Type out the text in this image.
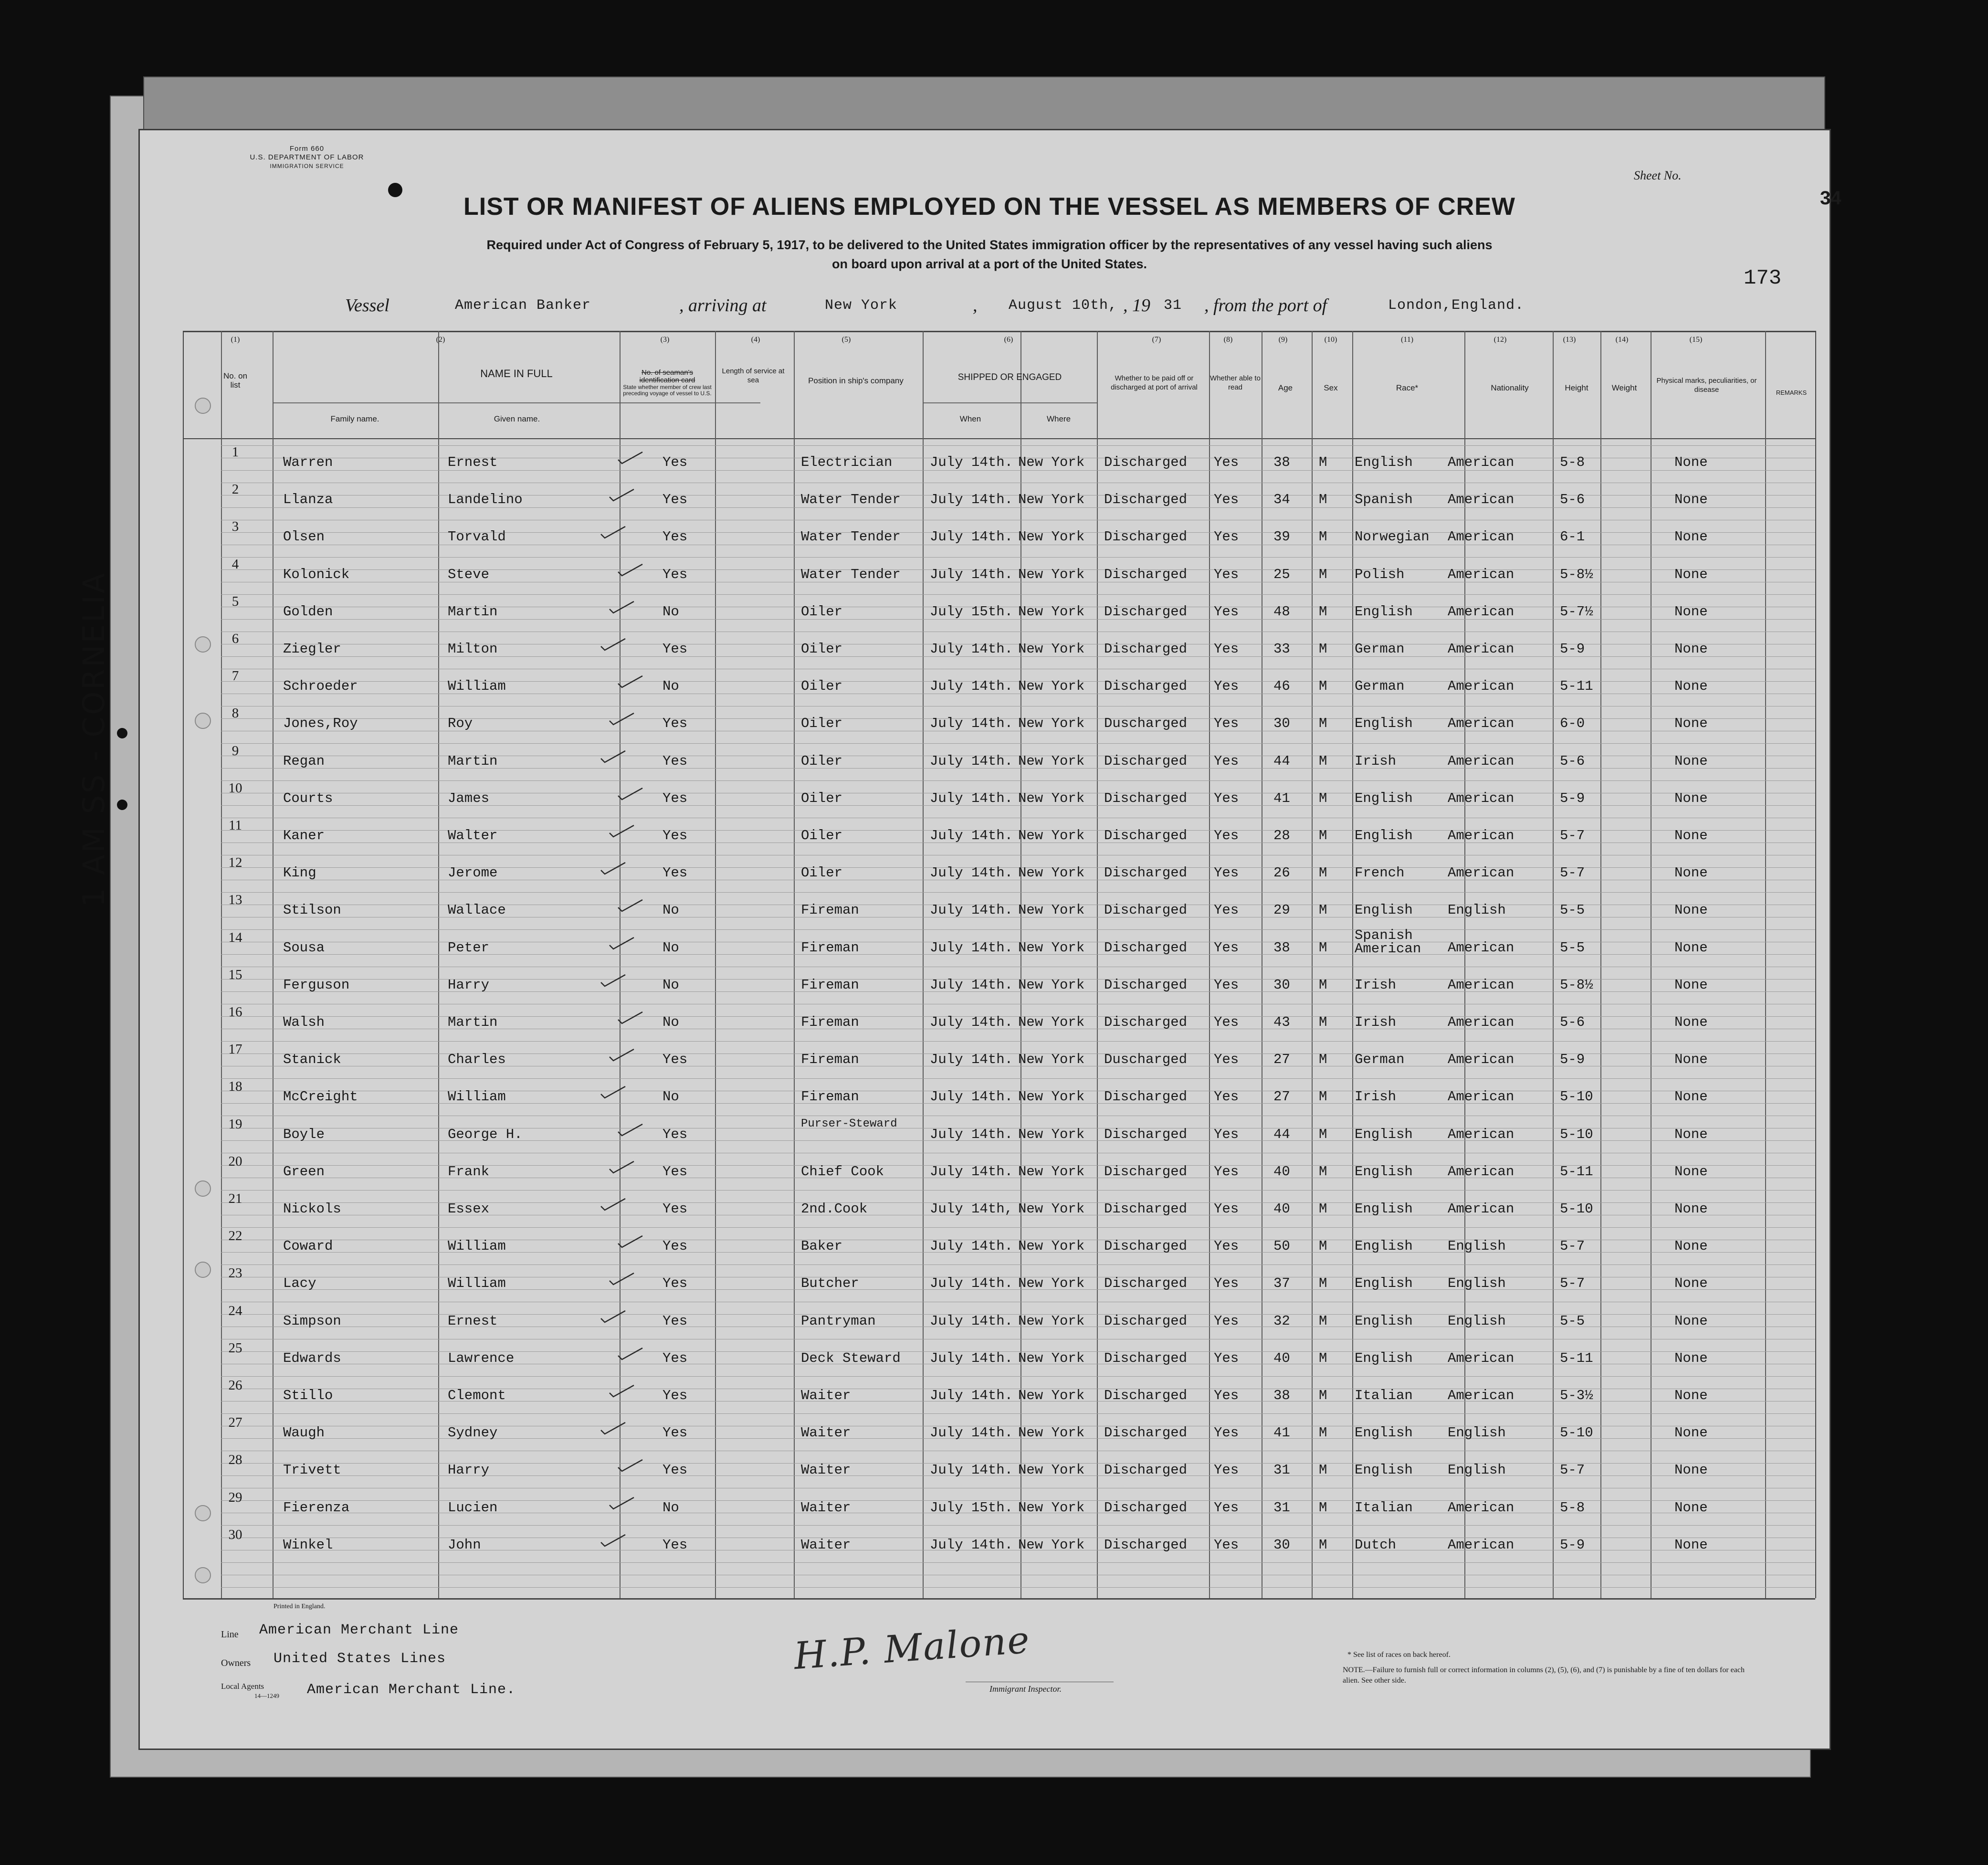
1 AM SS - CORNELIA
Form 660
U.S. DEPARTMENT OF LABOR
IMMIGRATION SERVICE
Sheet No.
34
LIST OR MANIFEST OF ALIENS EMPLOYED ON THE VESSEL AS MEMBERS OF CREW
Required under Act of Congress of February 5, 1917, to be delivered to the United States immigration officer by the representatives of any vessel having such aliens
on board upon arrival at a port of the United States.
173
Vessel	American Banker	, arriving at	New York	, August 10th, , 19 31 , from the port of	London,England.
(1)	(2)	(3)	(4)	(5)	(6)	(7)	(8)	(9)	(10)	(11)	(12)	(13)	(14)	(15)
No. on list
NAME IN FULL
Family name.	Given name.
No. of seaman's identification card
State whether member of crew last preceding voyage of vessel to U.S.
Length of service at sea	Position in ship's company	SHIPPED OR ENGAGED
When	Where
Whether to be paid off or discharged at port of arrival
Whether able to read	Age	Sex	Race*	Nationality	Height	Weight
Physical marks, peculiarities, or disease	REMARKS
1
Warren	Ernest	Yes	Electrician	July 14th. New York Discharged Yes	38 M English	American	5-8	None
2
Llanza	Landelino	Yes	Water Tender July 14th. New York Discharged Yes	34 M Spanish	American	5-6	None
3
Olsen	Torvald	Yes	Water Tender July 14th. New York Discharged Yes	39 M Norwegian American	6-1	None
4
Kolonick	Steve	Yes	Water Tender July 14th. New York Discharged Yes	25 M Polish	American	5-8½	None
5
Golden	Martin	No	Oiler	July 15th. New York Discharged Yes	48 M English	American	5-7½	None
6
Ziegler	Milton	Yes	Oiler	July 14th. New York Discharged Yes	33 M German	American	5-9	None
7
Schroeder	William	No	Oiler	July 14th. New York Discharged Yes	46 M German	American	5-11	None
8
Jones,Roy	Roy	Yes	Oiler	July 14th. New York Duscharged Yes	30 M English	American	6-0	None
9
Regan	Martin	Yes	Oiler	July 14th. New York Discharged Yes	44 M Irish	American	5-6	None
10
Courts	James	Yes	Oiler	July 14th. New York Discharged Yes	41 M English	American	5-9	None
11
Kaner	Walter	Yes	Oiler	July 14th. New York Discharged Yes	28 M English	American	5-7	None
12
King	Jerome	Yes	Oiler	July 14th. New York Discharged Yes	26 M French	American	5-7	None
13
Stilson	Wallace	No	Fireman	July 14th. New York Discharged Yes	29 M English	English	5-5	None
14
Sousa	Peter	No	Fireman	July 14th. New York Discharged Yes	38 M
Spanish American	American	5-5	None
15
Ferguson	Harry	No	Fireman	July 14th. New York Discharged Yes	30 M Irish	American	5-8½	None
16
Walsh	Martin	No	Fireman	July 14th. New York Discharged Yes	43 M Irish	American	5-6	None
17
Stanick	Charles	Yes	Fireman	July 14th. New York Duscharged Yes	27 M German	American	5-9	None
18
McCreight	William	No	Fireman	July 14th. New York Discharged Yes	27 M Irish	American	5-10	None
19
Boyle	George H.	Yes
Purser-Steward
July 14th. New York Discharged Yes	44 M English	American	5-10	None
20
Green	Frank	Yes	Chief Cook	July 14th. New York Discharged Yes	40 M English	American	5-11	None
21
Nickols	Essex	Yes	2nd.Cook	July 14th, New York Discharged Yes	40 M English	American	5-10	None
22
Coward	William	Yes	Baker	July 14th. New York Discharged Yes	50 M English	English	5-7	None
23
Lacy	William	Yes	Butcher	July 14th. New York Discharged Yes	37 M English	English	5-7	None
24
Simpson	Ernest	Yes	Pantryman	July 14th. New York Discharged Yes	32 M English	English	5-5	None
25
Edwards	Lawrence	Yes	Deck Steward July 14th. New York Discharged Yes	40 M English	American	5-11	None
26
Stillo	Clemont	Yes	Waiter	July 14th. New York Discharged Yes	38 M Italian	American	5-3½	None
27
Waugh	Sydney	Yes	Waiter	July 14th. New York Discharged Yes	41 M English	English	5-10	None
28
Trivett	Harry	Yes	Waiter	July 14th. New York Discharged Yes	31 M English	English	5-7	None
29
Fierenza	Lucien	No	Waiter	July 15th. New York Discharged Yes	31 M Italian	American	5-8	None
30
Winkel	John	Yes	Waiter	July 14th. New York Discharged Yes	30 M Dutch	American	5-9	None
Printed in England.
Line American Merchant Line
Owners United States Lines
Local Agents
14—1249 American Merchant Line.
H.P. Malone
Immigrant Inspector.
* See list of races on back hereof.
NOTE.—Failure to furnish full or correct information in columns (2), (5), (6), and (7) is punishable by a fine of ten dollars for each alien. See other side.
